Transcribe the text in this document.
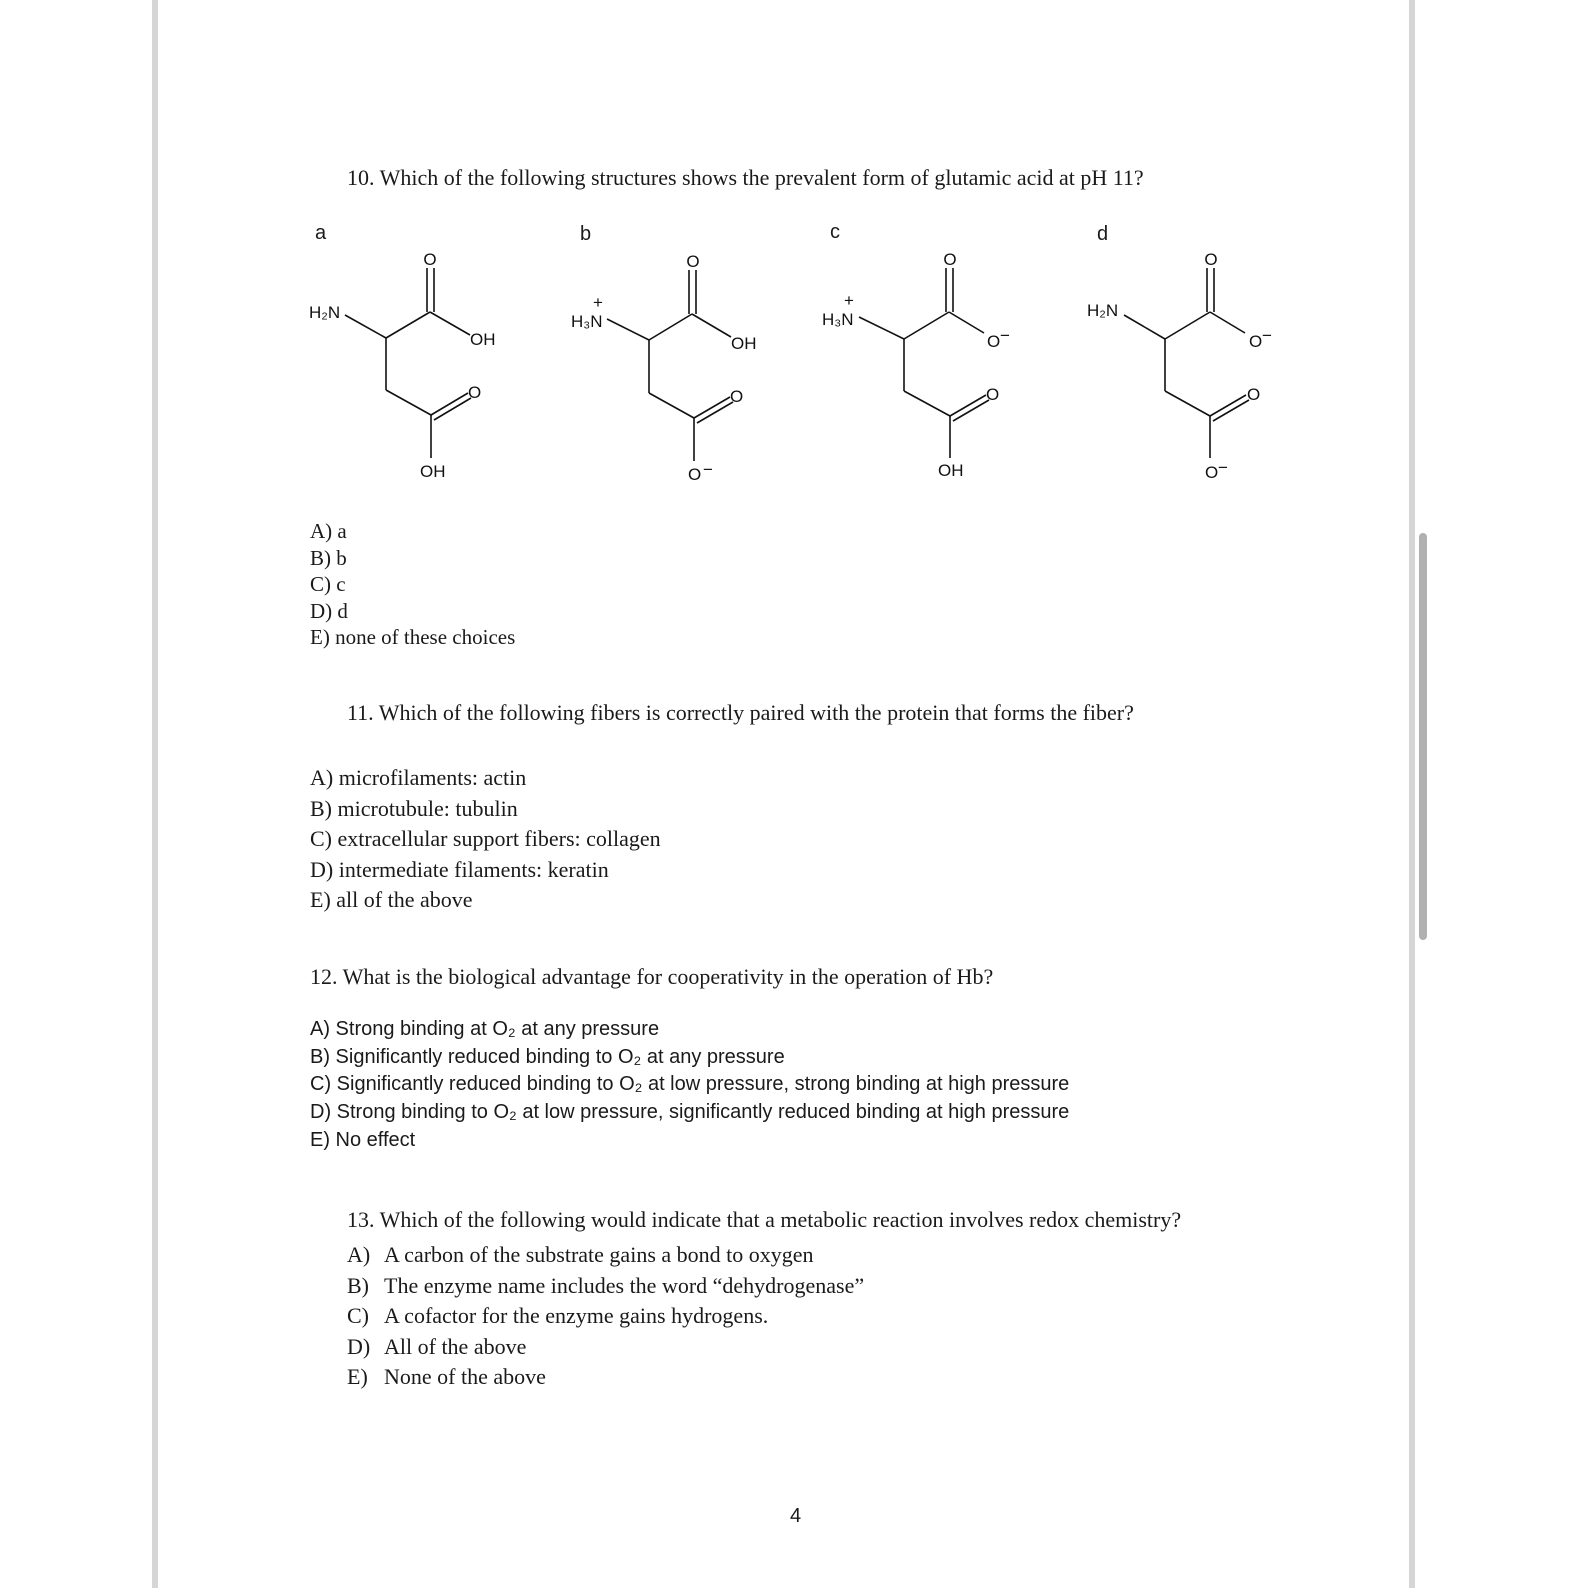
10. Which of the following structures shows the prevalent form of glutamic acid at pH 11?
a	b	c	d
O
OH
H₂N
O
OH
O
OH
H₃N
+
O
O −
O
O −
H₃N
+
O
OH
O
O −
H₂N
O
O −
A) a
B) b
C) c
D) d
E) none of these choices
11. Which of the following fibers is correctly paired with the protein that forms the fiber?
A) microfilaments: actin
B) microtubule: tubulin
C) extracellular support fibers: collagen
D) intermediate filaments: keratin
E) all of the above
12. What is the biological advantage for cooperativity in the operation of Hb?
A) Strong binding at O₂ at any pressure
B) Significantly reduced binding to O₂ at any pressure
C) Significantly reduced binding to O₂ at low pressure, strong binding at high pressure
D) Strong binding to O₂ at low pressure, significantly reduced binding at high pressure
E) No effect
13. Which of the following would indicate that a metabolic reaction involves redox chemistry?
A) A carbon of the substrate gains a bond to oxygen
B) The enzyme name includes the word “dehydrogenase”
C) A cofactor for the enzyme gains hydrogens.
D) All of the above
E) None of the above
4
